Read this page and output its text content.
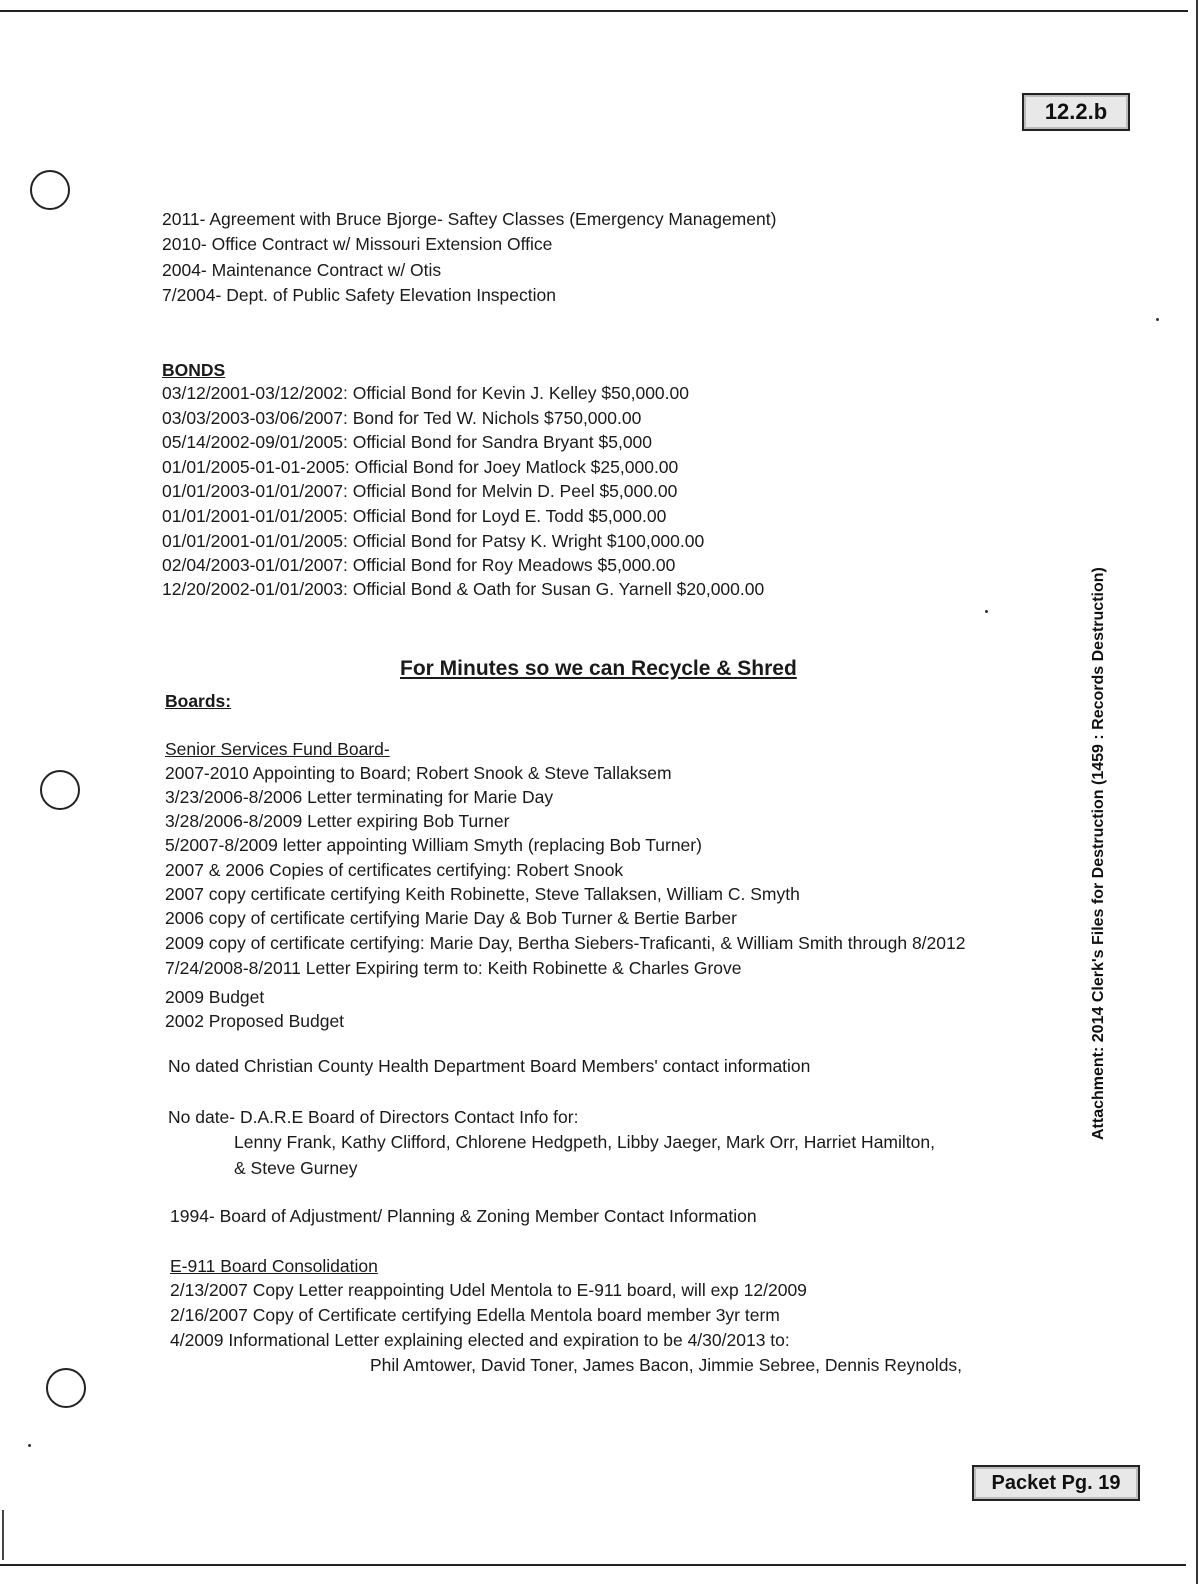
12.2.b
2011- Agreement with Bruce Bjorge- Saftey Classes (Emergency Management)
2010- Office Contract w/ Missouri Extension Office
2004- Maintenance Contract w/ Otis
7/2004- Dept. of Public Safety Elevation Inspection
BONDS
03/12/2001-03/12/2002: Official Bond for Kevin J. Kelley $50,000.00
03/03/2003-03/06/2007: Bond for Ted W. Nichols $750,000.00
05/14/2002-09/01/2005: Official Bond for Sandra Bryant $5,000
01/01/2005-01-01-2005: Official Bond for Joey Matlock $25,000.00
01/01/2003-01/01/2007: Official Bond for Melvin D. Peel $5,000.00
01/01/2001-01/01/2005: Official Bond for Loyd E. Todd $5,000.00
01/01/2001-01/01/2005: Official Bond for Patsy K. Wright $100,000.00
02/04/2003-01/01/2007: Official Bond for Roy Meadows $5,000.00
12/20/2002-01/01/2003: Official Bond & Oath for Susan G. Yarnell $20,000.00
For Minutes so we can Recycle & Shred
Boards:
Senior Services Fund Board-
2007-2010 Appointing to Board; Robert Snook & Steve Tallaksem
3/23/2006-8/2006 Letter terminating for Marie Day
3/28/2006-8/2009 Letter expiring Bob Turner
5/2007-8/2009 letter appointing William Smyth (replacing Bob Turner)
2007 & 2006 Copies of certificates certifying: Robert Snook
2007 copy certificate certifying Keith Robinette, Steve Tallaksen, William C. Smyth
2006 copy of certificate certifying Marie Day & Bob Turner & Bertie Barber
2009 copy of certificate certifying: Marie Day, Bertha Siebers-Traficanti, & William Smith through 8/2012
7/24/2008-8/2011 Letter Expiring term to: Keith Robinette & Charles Grove
2009 Budget
2002 Proposed Budget
No dated Christian County Health Department Board Members' contact information
No date- D.A.R.E Board of Directors Contact Info for:
Lenny Frank, Kathy Clifford, Chlorene Hedgpeth, Libby Jaeger, Mark Orr, Harriet Hamilton,
& Steve Gurney
1994- Board of Adjustment/ Planning & Zoning Member Contact Information
E-911 Board Consolidation
2/13/2007 Copy Letter reappointing Udel Mentola to E-911 board, will exp 12/2009
2/16/2007 Copy of Certificate certifying Edella Mentola board member 3yr term
4/2009 Informational Letter explaining elected and expiration to be 4/30/2013 to:
Phil Amtower, David Toner, James Bacon, Jimmie Sebree, Dennis Reynolds,
Attachment: 2014 Clerk's Files for Destruction (1459 : Records Destruction)
Packet Pg. 19
